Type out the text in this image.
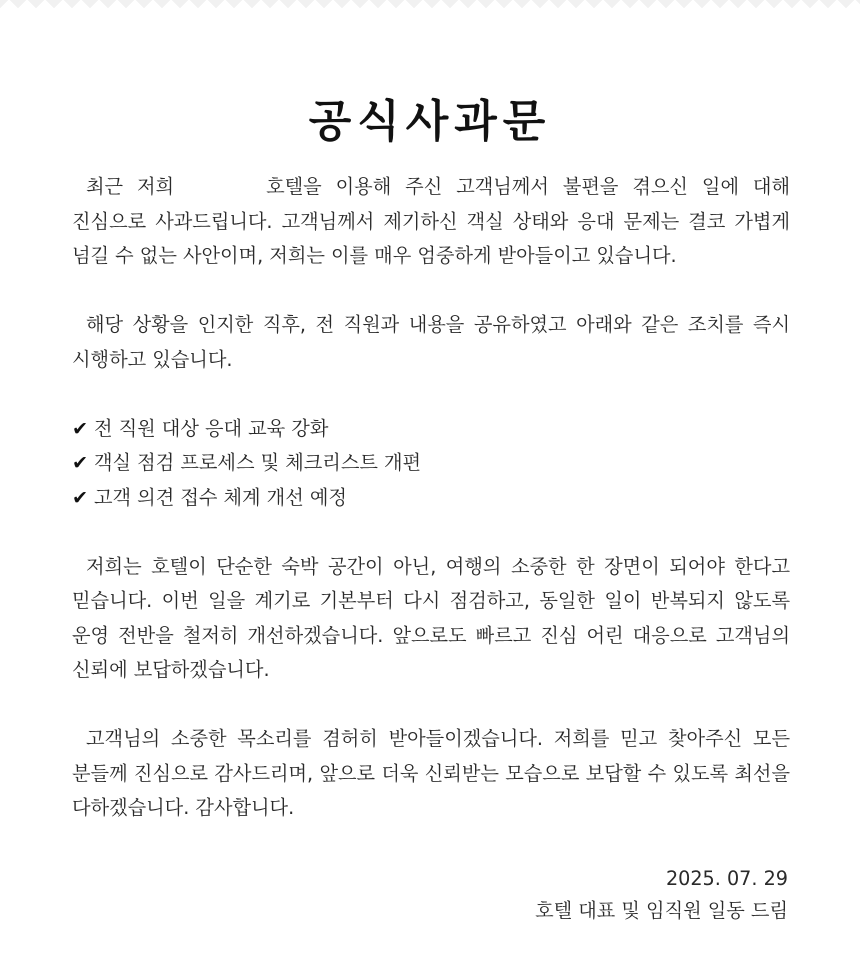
공식사과문

최근 저희	호텔을 이용해 주신 고객님께서 불편을 겪으신 일에 대해 진심으로 사과드립니다. 고객님께서 제기하신 객실 상태와 응대 문제는 결코 가볍게 넘길 수 없는 사안이며, 저희는 이를 매우 엄중하게 받아들이고 있습니다.

해당 상황을 인지한 직후, 전 직원과 내용을 공유하였고 아래와 같은 조치를 즉시 시행하고 있습니다.

✔ 전 직원 대상 응대 교육 강화
✔ 객실 점검 프로세스 및 체크리스트 개편
✔ 고객 의견 접수 체계 개선 예정

저희는 호텔이 단순한 숙박 공간이 아닌, 여행의 소중한 한 장면이 되어야 한다고 믿습니다. 이번 일을 계기로 기본부터 다시 점검하고, 동일한 일이 반복되지 않도록 운영 전반을 철저히 개선하겠습니다. 앞으로도 빠르고 진심 어린 대응으로 고객님의 신뢰에 보답하겠습니다.

고객님의 소중한 목소리를 겸허히 받아들이겠습니다. 저희를 믿고 찾아주신 모든 분들께 진심으로 감사드리며, 앞으로 더욱 신뢰받는 모습으로 보답할 수 있도록 최선을 다하겠습니다. 감사합니다.

2025. 07. 29
호텔 대표 및 임직원 일동 드림
